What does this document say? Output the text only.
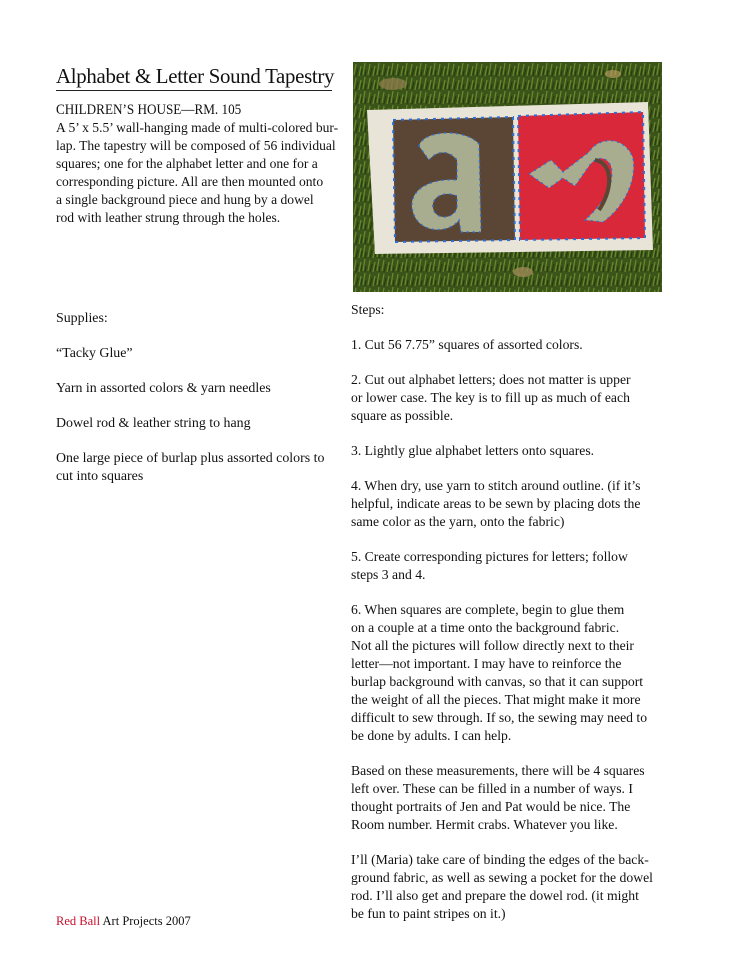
Alphabet & Letter Sound Tapestry
CHILDREN’S HOUSE—RM. 105
A 5’ x 5.5’ wall-hanging made of multi-colored bur-
lap. The tapestry will be composed of 56 individual
squares; one for the alphabet letter and one for a
corresponding picture. All are then mounted onto
a single background piece and hung by a dowel
rod with leather strung through the holes.
Supplies:
“Tacky Glue”
Yarn in assorted colors & yarn needles
Dowel rod & leather string to hang
One large piece of burlap plus assorted colors to
cut into squares
Steps:
1. Cut 56 7.75” squares of assorted colors.
2. Cut out alphabet letters; does not matter is upper
or lower case. The key is to fill up as much of each
square as possible.
3. Lightly glue alphabet letters onto squares.
4. When dry, use yarn to stitch around outline. (if it’s
helpful, indicate areas to be sewn by placing dots the
same color as the yarn, onto the fabric)
5. Create corresponding pictures for letters; follow
steps 3 and 4.
6. When squares are complete, begin to glue them
on a couple at a time onto the background fabric.
Not all the pictures will follow directly next to their
letter—not important. I may have to reinforce the
burlap background with canvas, so that it can support
the weight of all the pieces. That might make it more
difficult to sew through. If so, the sewing may need to
be done by adults. I can help.
Based on these measurements, there will be 4 squares
left over. These can be filled in a number of ways. I
thought portraits of Jen and Pat would be nice. The
Room number. Hermit crabs. Whatever you like.
I’ll (Maria) take care of binding the edges of the back-
ground fabric, as well as sewing a pocket for the dowel
rod. I’ll also get and prepare the dowel rod. (it might
be fun to paint stripes on it.)
Red Ball Art Projects 2007
